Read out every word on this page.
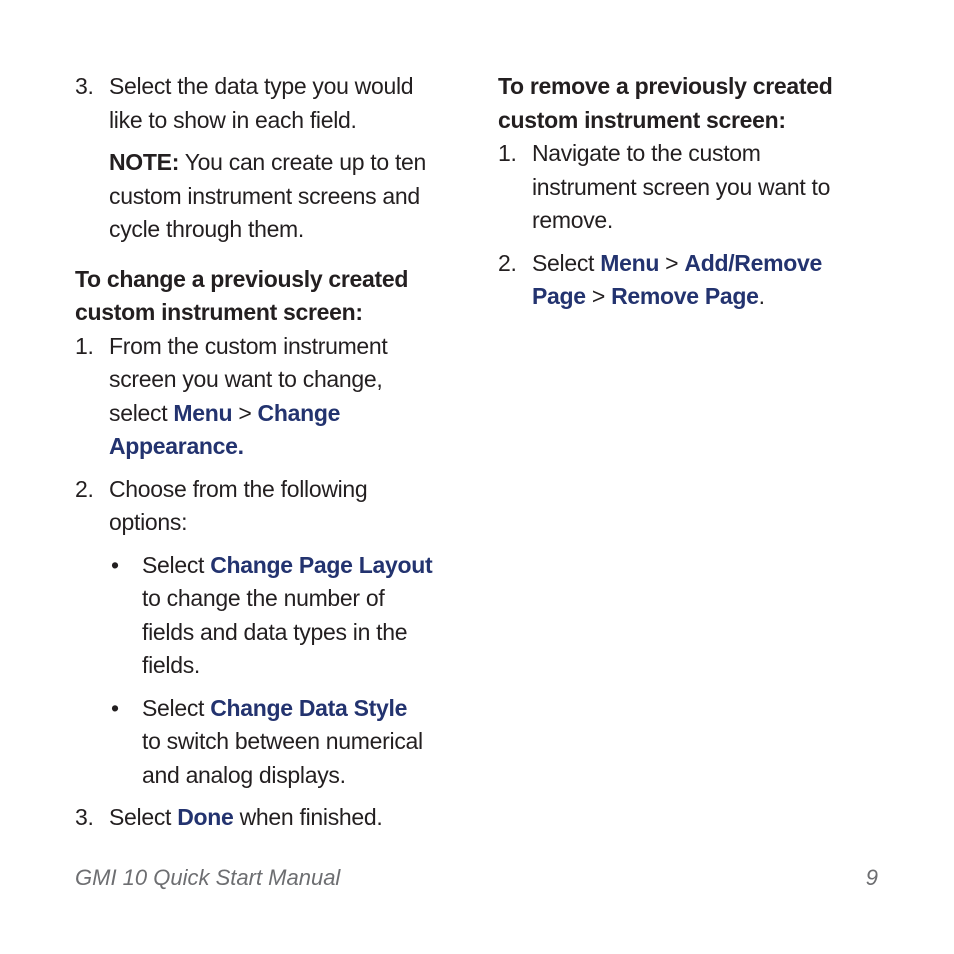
3. Select the data type you would
like to show in each field.
NOTE: You can create up to ten
custom instrument screens and
cycle through them.
To change a previously created
custom instrument screen:
1. From the custom instrument
screen you want to change,
select Menu > Change
Appearance.
2. Choose from the following
options:
• Select Change Page Layout
to change the number of
fields and data types in the
fields.
• Select Change Data Style
to switch between numerical
and analog displays.
3. Select Done when finished.
To remove a previously created
custom instrument screen:
1. Navigate to the custom
instrument screen you want to
remove.
2. Select Menu > Add/Remove
Page > Remove Page.
GMI 10 Quick Start Manual	9
